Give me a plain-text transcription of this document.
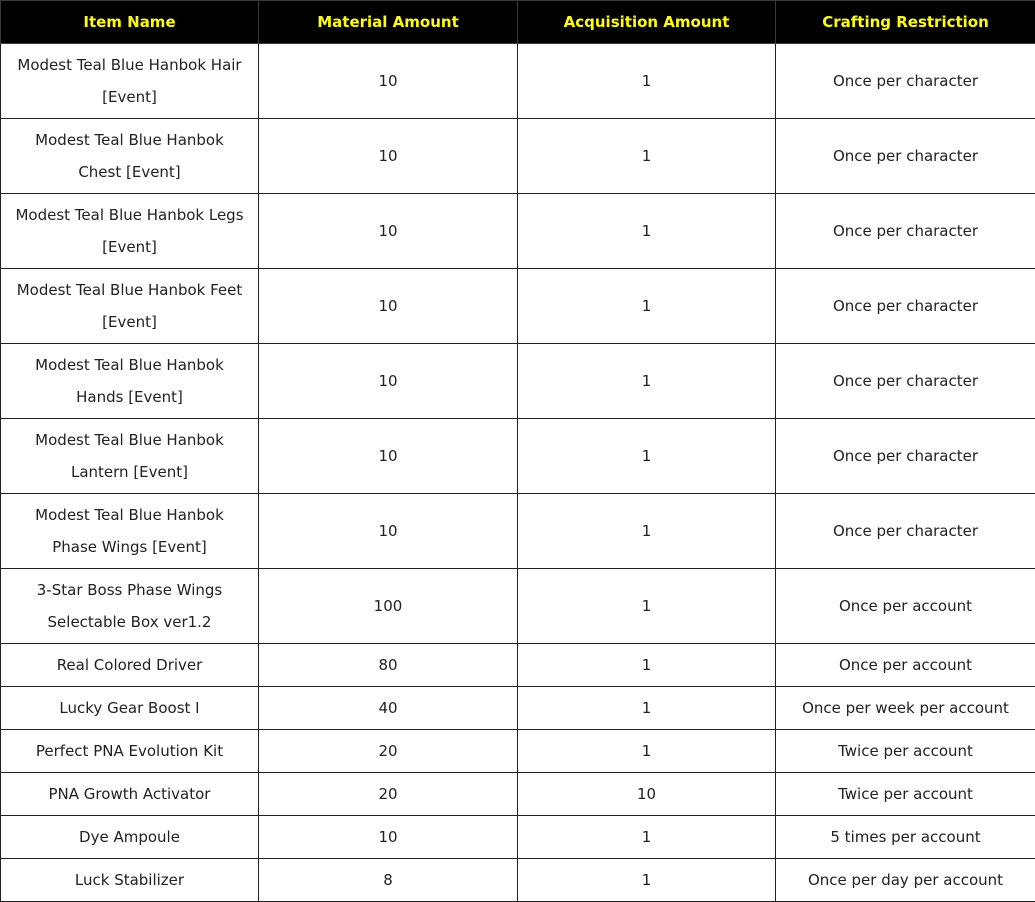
Item Name	Material Amount	Acquisition Amount	Crafting Restriction
Modest Teal Blue Hanbok Hair
[Event]	10	1	Once per character
Modest Teal Blue Hanbok
Chest [Event]	10	1	Once per character
Modest Teal Blue Hanbok Legs
[Event]	10	1	Once per character
Modest Teal Blue Hanbok Feet
[Event]	10	1	Once per character
Modest Teal Blue Hanbok
Hands [Event]	10	1	Once per character
Modest Teal Blue Hanbok
Lantern [Event]	10	1	Once per character
Modest Teal Blue Hanbok
Phase Wings [Event]	10	1	Once per character
3-Star Boss Phase Wings
Selectable Box ver1.2	100	1	Once per account
Real Colored Driver	80	1	Once per account
Lucky Gear Boost I	40	1	Once per week per account
Perfect PNA Evolution Kit	20	1	Twice per account
PNA Growth Activator	20	10	Twice per account
Dye Ampoule	10	1	5 times per account
Luck Stabilizer	8	1	Once per day per account
